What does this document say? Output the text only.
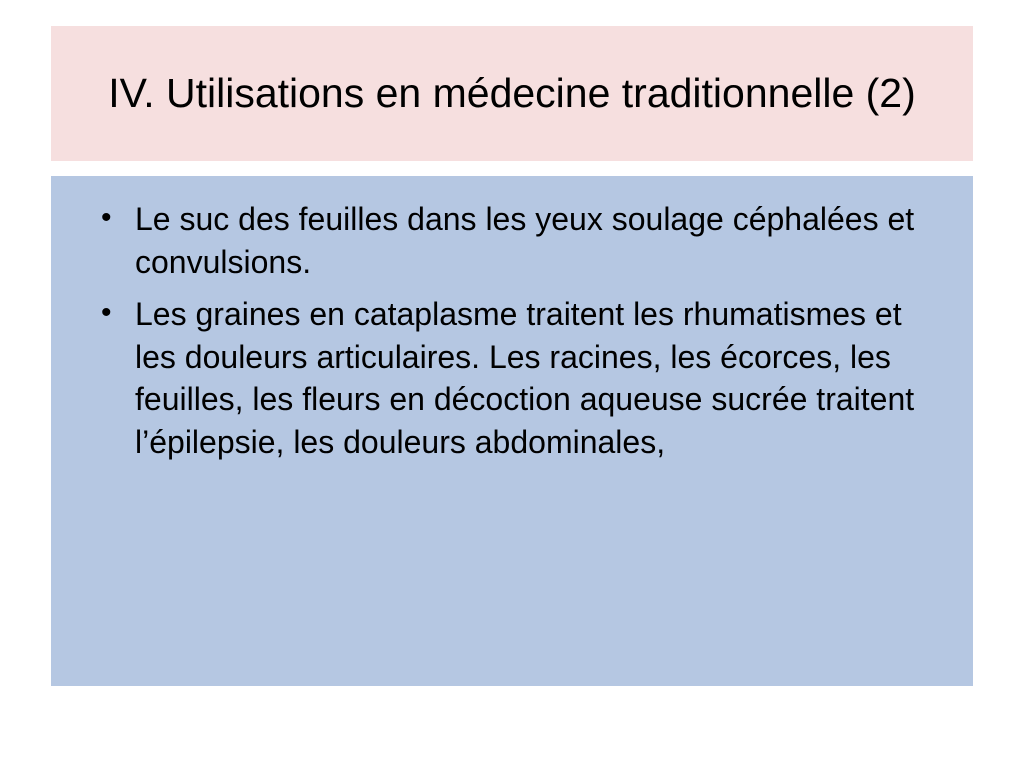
IV. Utilisations en médecine traditionnelle (2)
• Le suc des feuilles dans les yeux soulage céphalées et convulsions.
• Les graines en cataplasme traitent les rhumatismes et les douleurs articulaires. Les racines, les écorces, les feuilles, les fleurs en décoction aqueuse sucrée traitent l’épilepsie, les douleurs abdominales,
